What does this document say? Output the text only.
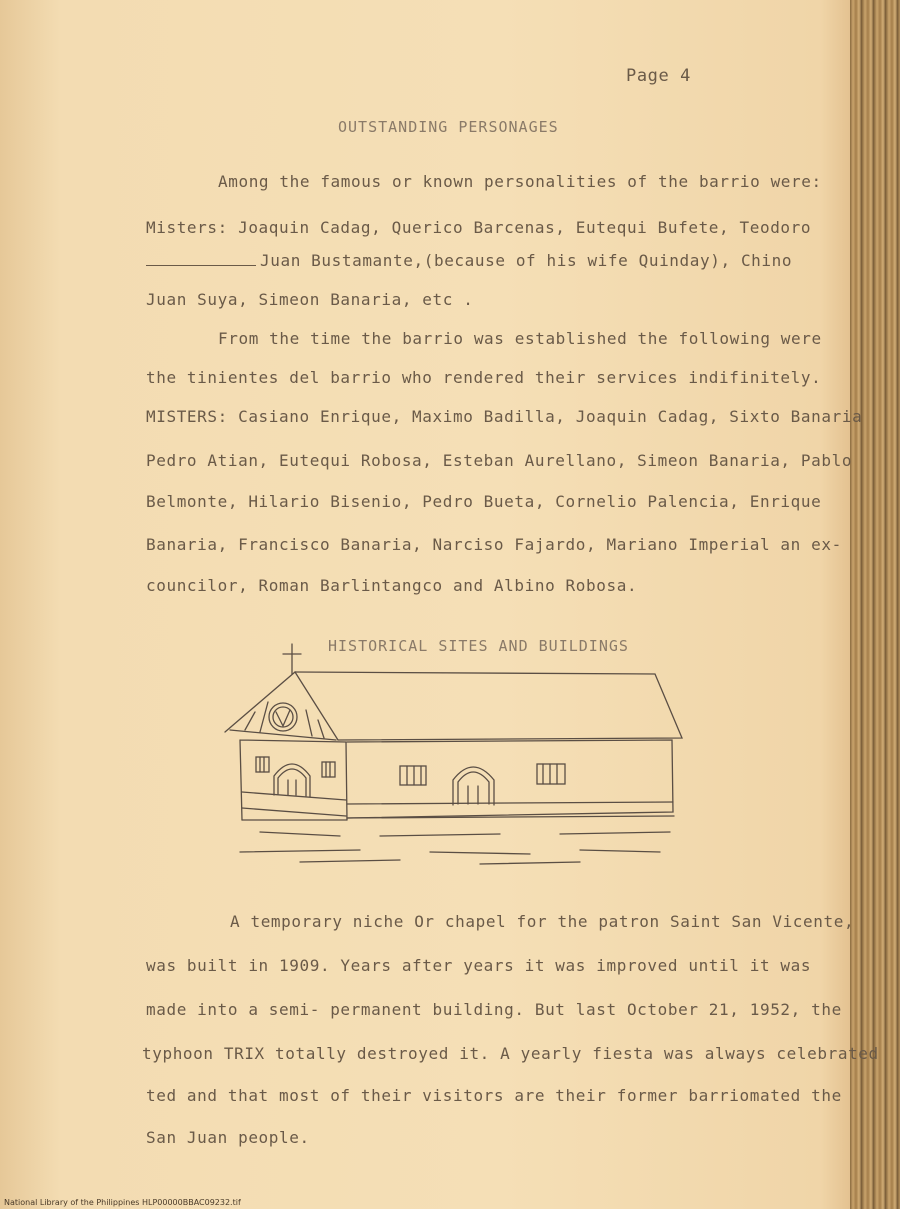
Page 4
OUTSTANDING PERSONAGES
Among the famous or known personalities of the barrio were:
Misters: Joaquin Cadag, Querico Barcenas, Eutequi Bufete, Teodoro
Juan Bustamante,(because of his wife Quinday), Chino
Juan Suya, Simeon Banaria, etc .
From the time the barrio was established the following were
the tinientes del barrio who rendered their services indifinitely.
MISTERS: Casiano Enrique, Maximo Badilla, Joaquin Cadag, Sixto Banaria
Pedro Atian, Eutequi Robosa, Esteban Aurellano, Simeon Banaria, Pablo
Belmonte, Hilario Bisenio, Pedro Bueta, Cornelio Palencia, Enrique
Banaria, Francisco Banaria, Narciso Fajardo, Mariano Imperial an ex-
councilor, Roman Barlintangco and Albino Robosa.
HISTORICAL SITES AND BUILDINGS
A temporary niche Or chapel for the patron Saint San Vicente,
was built in 1909. Years after years it was improved until it was
made into a semi- permanent building. But last October 21, 1952, the
typhoon TRIX totally destroyed it. A yearly fiesta was always celebrated
ted and that most of their visitors are their former barriomated the
San Juan people.
National Library of the Philippines HLP00000BBAC09232.tif
